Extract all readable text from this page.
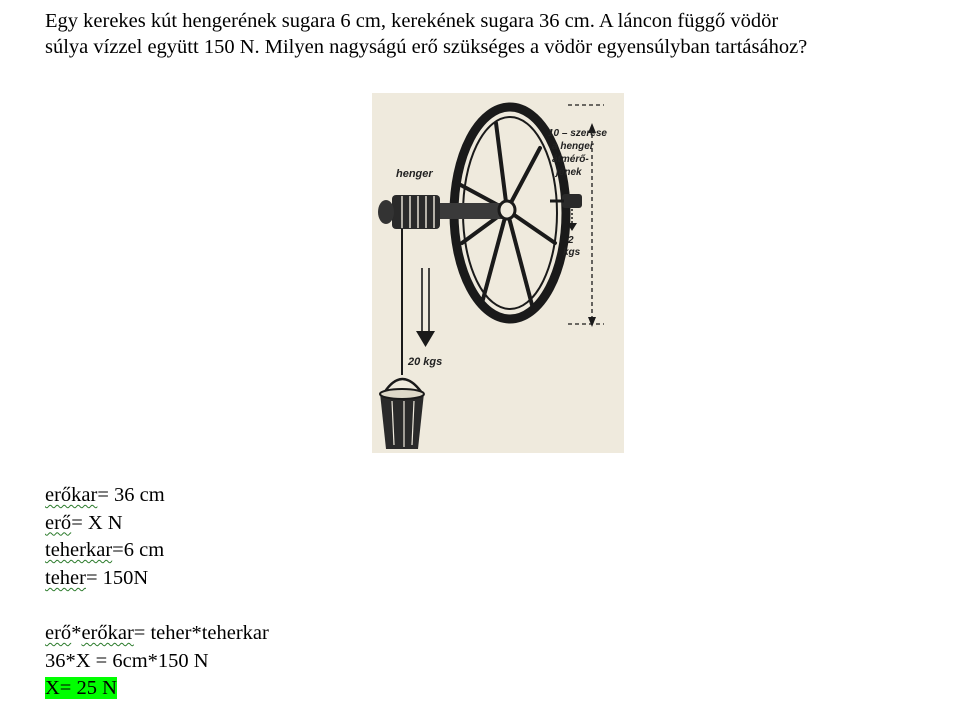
Egy kerekes kút hengerének sugara 6 cm, kerekének sugara 36 cm. A láncon függő vödör

súlya vízzel együtt 150 N. Milyen nagyságú erő szükséges a vödör egyensúlyban tartásához?

henger
10 – szerese
a henger
átmérő-
jének
2
kgs
20 kgs
erőkar= 36 cm
erő= X N
teherkar=6 cm
teher= 150N
erő*erőkar= teher*teherkar
36*X = 6cm*150 N
X= 25 N
